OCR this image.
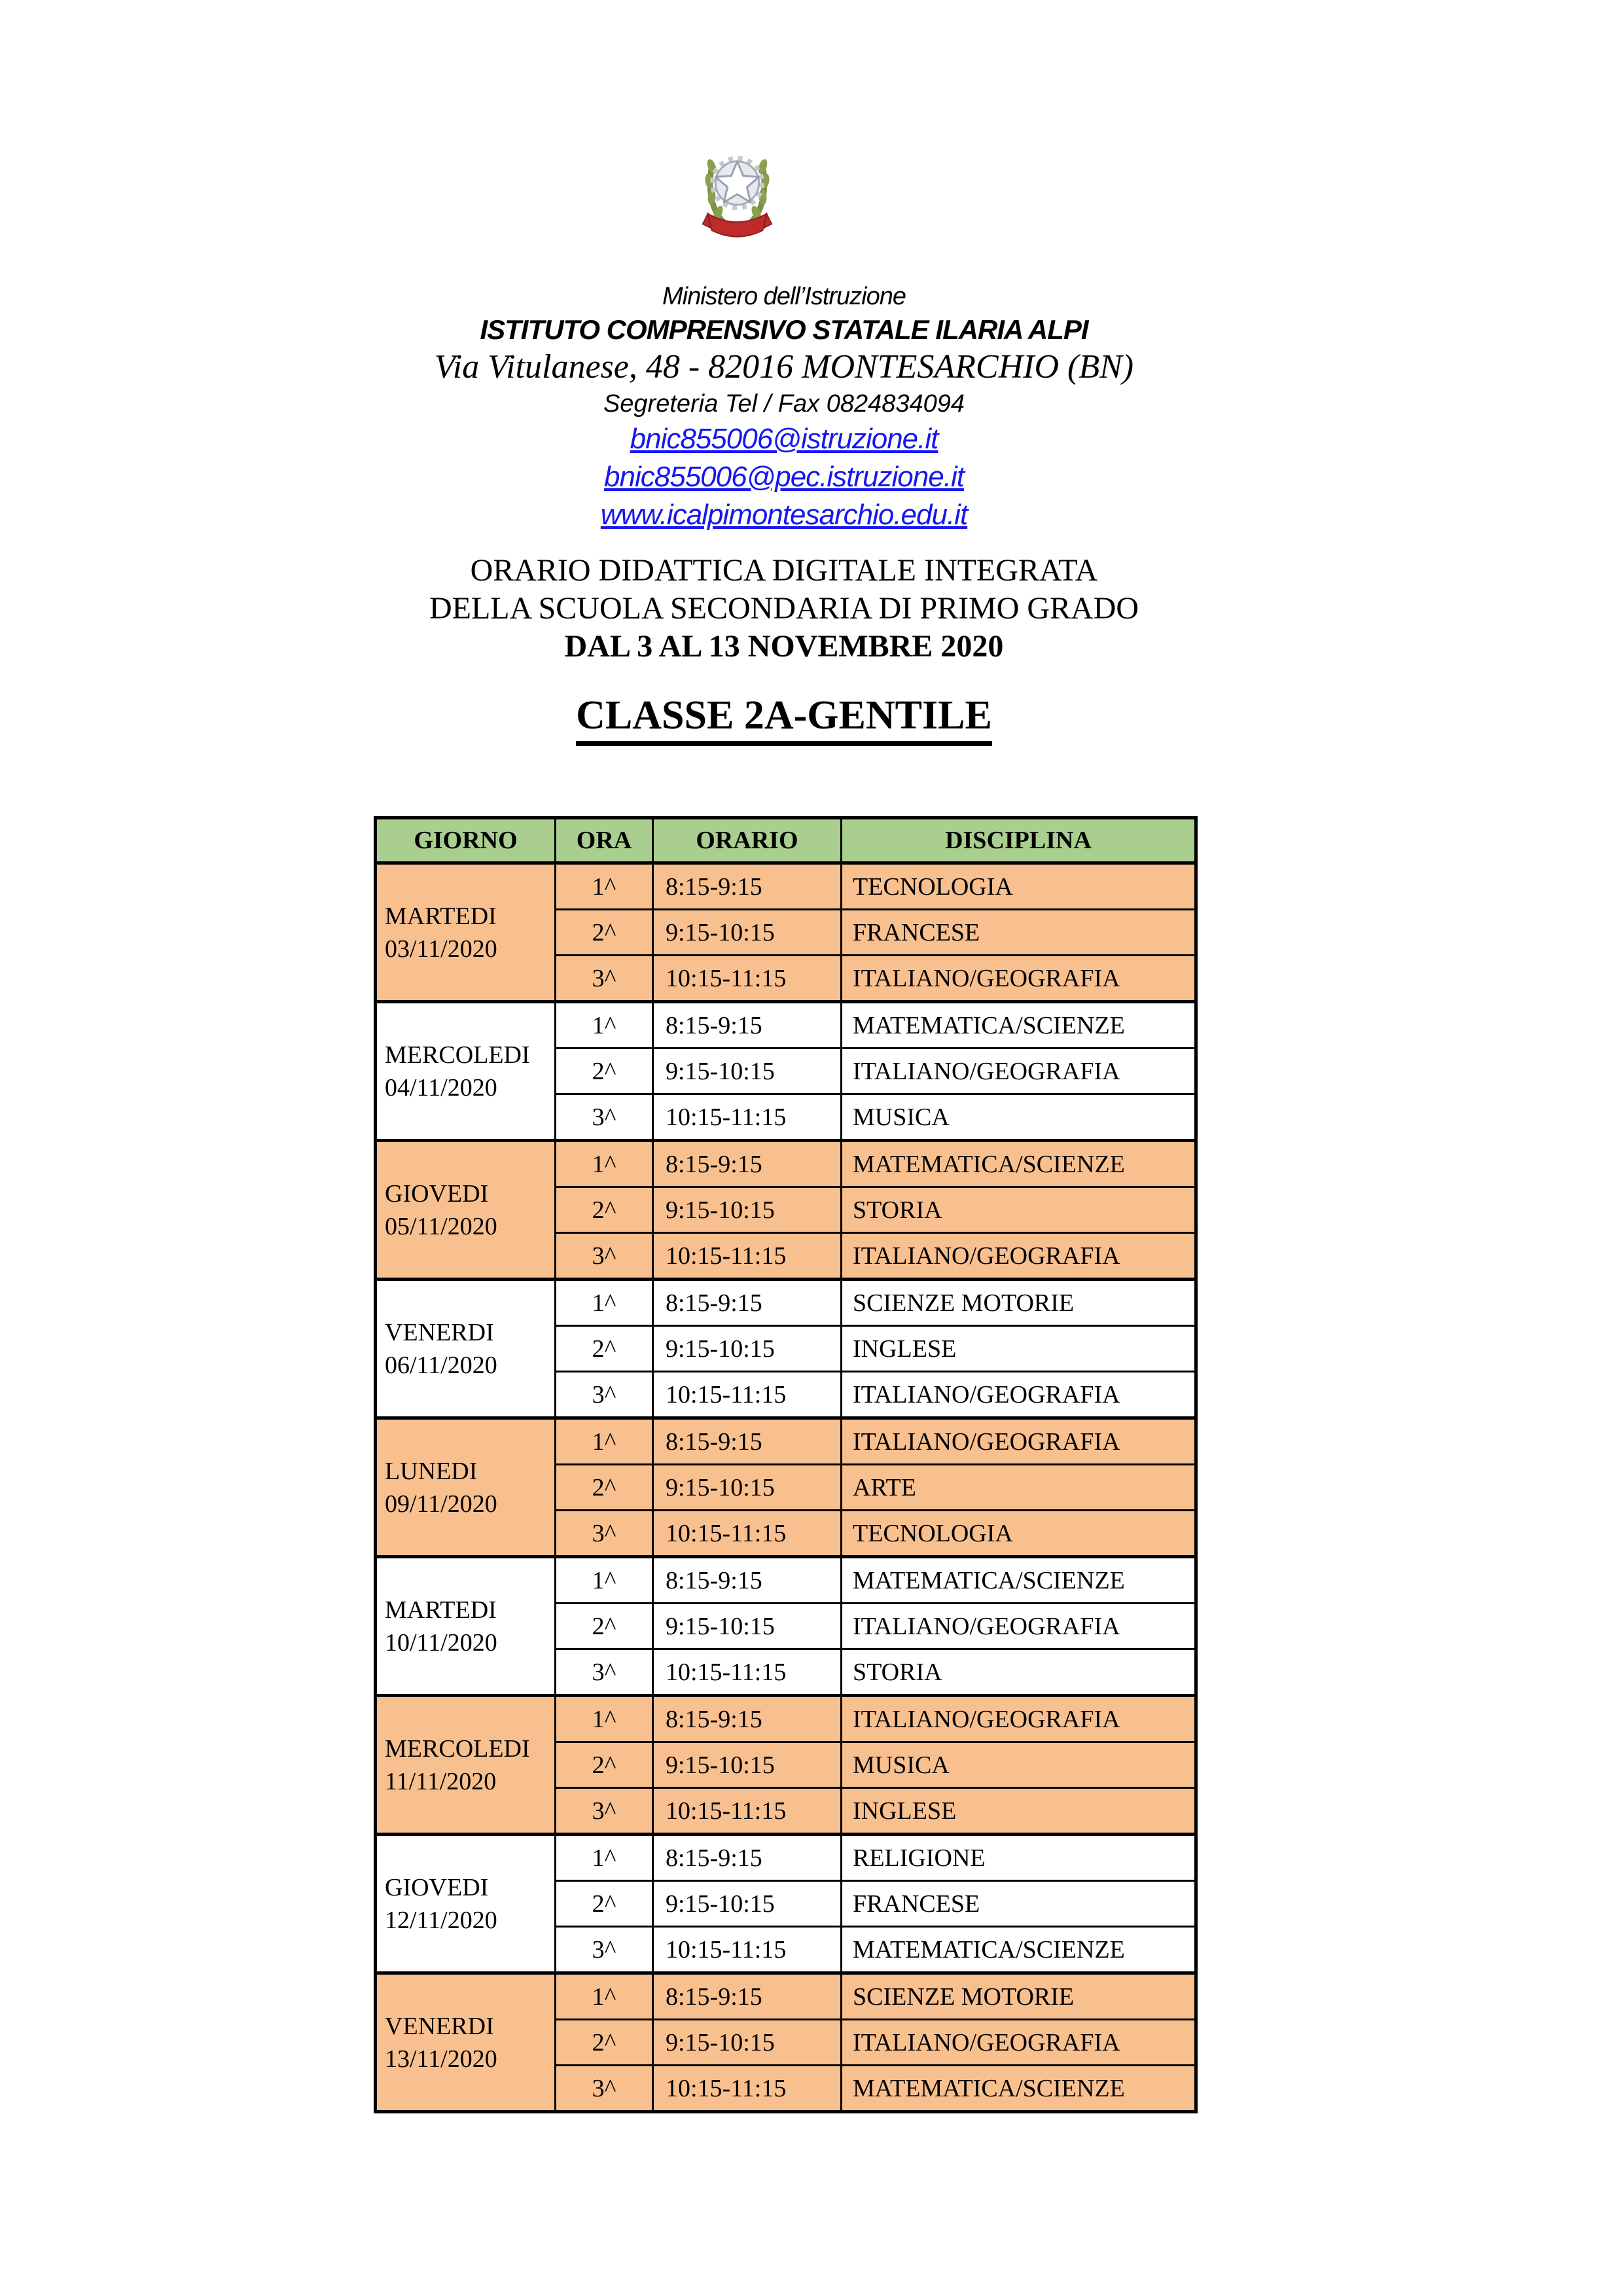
Ministero dell’Istruzione
ISTITUTO COMPRENSIVO STATALE ILARIA ALPI
Via Vitulanese, 48 - 82016 MONTESARCHIO (BN)
Segreteria Tel / Fax 0824834094
bnic855006@istruzione.it
bnic855006@pec.istruzione.it
www.icalpimontesarchio.edu.it
ORARIO DIDATTICA DIGITALE INTEGRATA
DELLA SCUOLA SECONDARIA DI PRIMO GRADO
DAL 3 AL 13 NOVEMBRE 2020
CLASSE 2A-GENTILE
GIORNO	ORA	ORARIO	DISCIPLINA

MARTEDI
03/11/2020	1^	8:15-9:15	TECNOLOGIA
	2^	9:15-10:15	FRANCESE
	3^	10:15-11:15	ITALIANO/GEOGRAFIA

MERCOLEDI
04/11/2020	1^	8:15-9:15	MATEMATICA/SCIENZE
	2^	9:15-10:15	ITALIANO/GEOGRAFIA
	3^	10:15-11:15	MUSICA

GIOVEDI
05/11/2020	1^	8:15-9:15	MATEMATICA/SCIENZE
	2^	9:15-10:15	STORIA
	3^	10:15-11:15	ITALIANO/GEOGRAFIA

VENERDI
06/11/2020	1^	8:15-9:15	SCIENZE MOTORIE
	2^	9:15-10:15	INGLESE
	3^	10:15-11:15	ITALIANO/GEOGRAFIA

LUNEDI
09/11/2020	1^	8:15-9:15	ITALIANO/GEOGRAFIA
	2^	9:15-10:15	ARTE
	3^	10:15-11:15	TECNOLOGIA

MARTEDI
10/11/2020	1^	8:15-9:15	MATEMATICA/SCIENZE
	2^	9:15-10:15	ITALIANO/GEOGRAFIA
	3^	10:15-11:15	STORIA

MERCOLEDI
11/11/2020	1^	8:15-9:15	ITALIANO/GEOGRAFIA
	2^	9:15-10:15	MUSICA
	3^	10:15-11:15	INGLESE

GIOVEDI
12/11/2020	1^	8:15-9:15	RELIGIONE
	2^	9:15-10:15	FRANCESE
	3^	10:15-11:15	MATEMATICA/SCIENZE

VENERDI
13/11/2020	1^	8:15-9:15	SCIENZE MOTORIE
	2^	9:15-10:15	ITALIANO/GEOGRAFIA
	3^	10:15-11:15	MATEMATICA/SCIENZE
